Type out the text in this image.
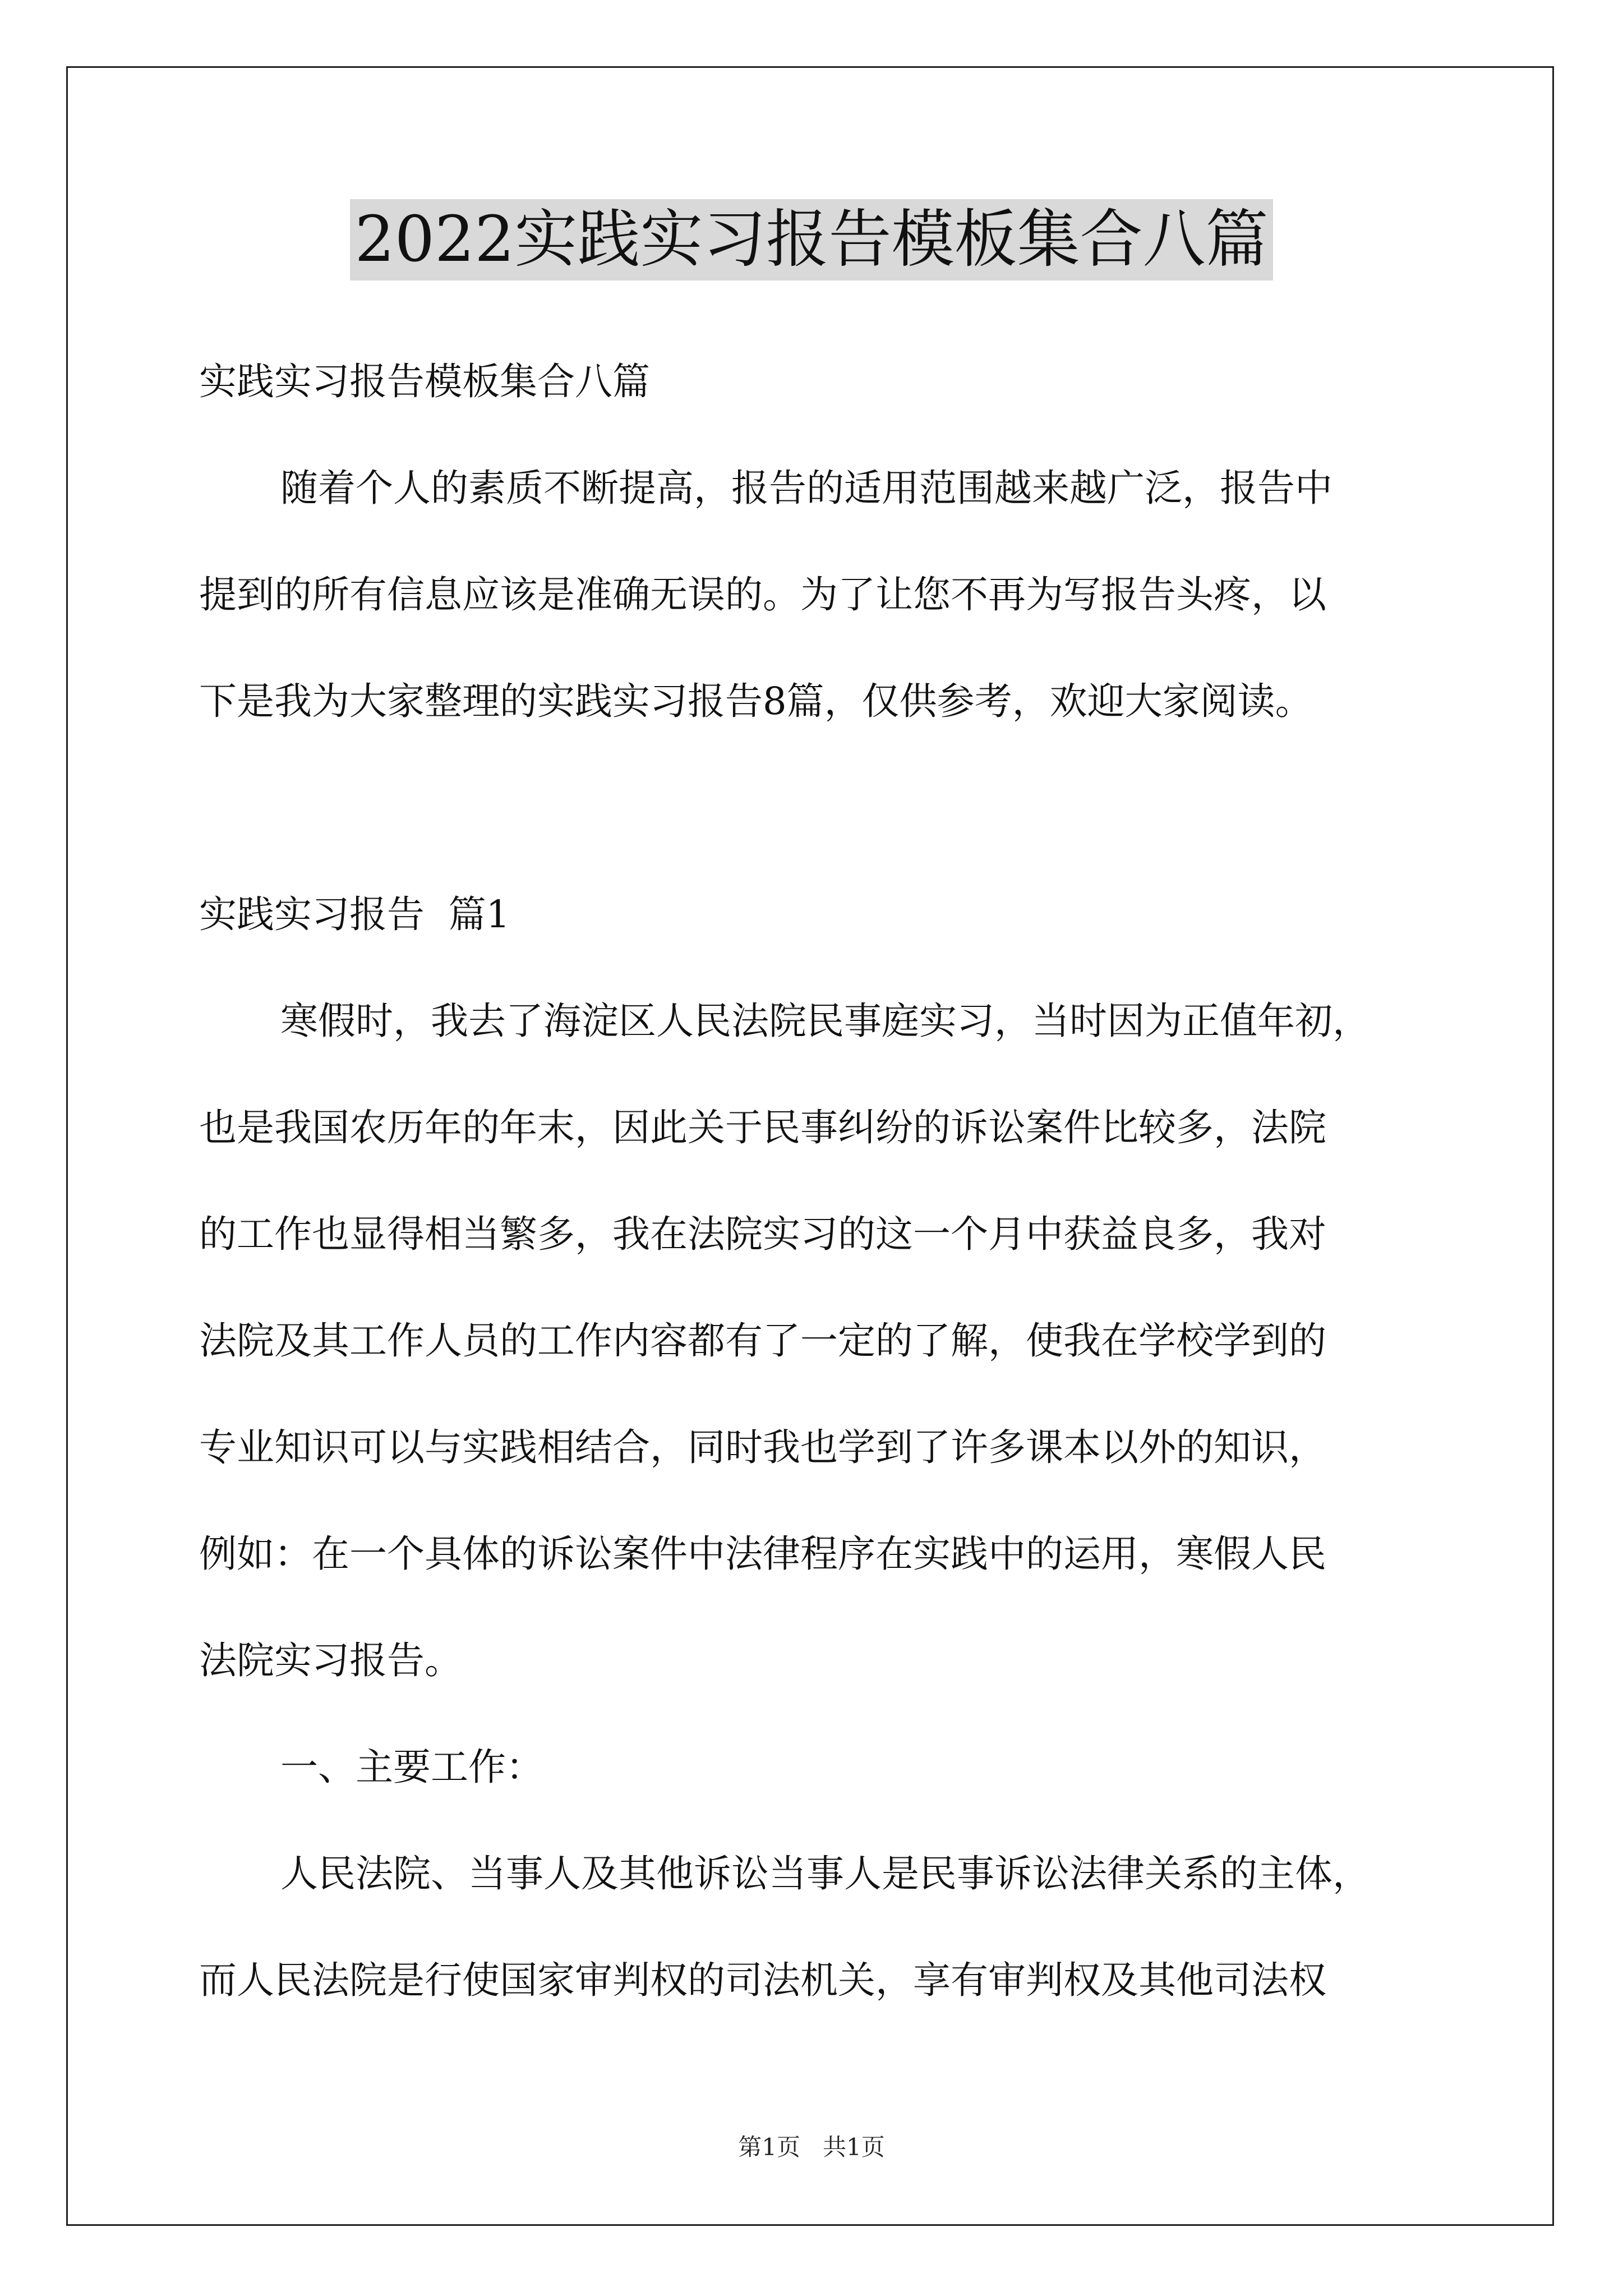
2022实践实习报告模板集合八篇
实践实习报告模板集合八篇
随着个人的素质不断提高，报告的适用范围越来越广泛，报告中
提到的所有信息应该是准确无误的。为了让您不再为写报告头疼，以
下是我为大家整理的实践实习报告8篇，仅供参考，欢迎大家阅读。
实践实习报告  篇1
寒假时，我去了海淀区人民法院民事庭实习，当时因为正值年初，
也是我国农历年的年末，因此关于民事纠纷的诉讼案件比较多，法院
的工作也显得相当繁多，我在法院实习的这一个月中获益良多，我对
法院及其工作人员的工作内容都有了一定的了解，使我在学校学到的
专业知识可以与实践相结合，同时我也学到了许多课本以外的知识，
例如：在一个具体的诉讼案件中法律程序在实践中的运用，寒假人民
法院实习报告。
一、主要工作：
人民法院、当事人及其他诉讼当事人是民事诉讼法律关系的主体，
而人民法院是行使国家审判权的司法机关，享有审判权及其他司法权
第1页   共1页
